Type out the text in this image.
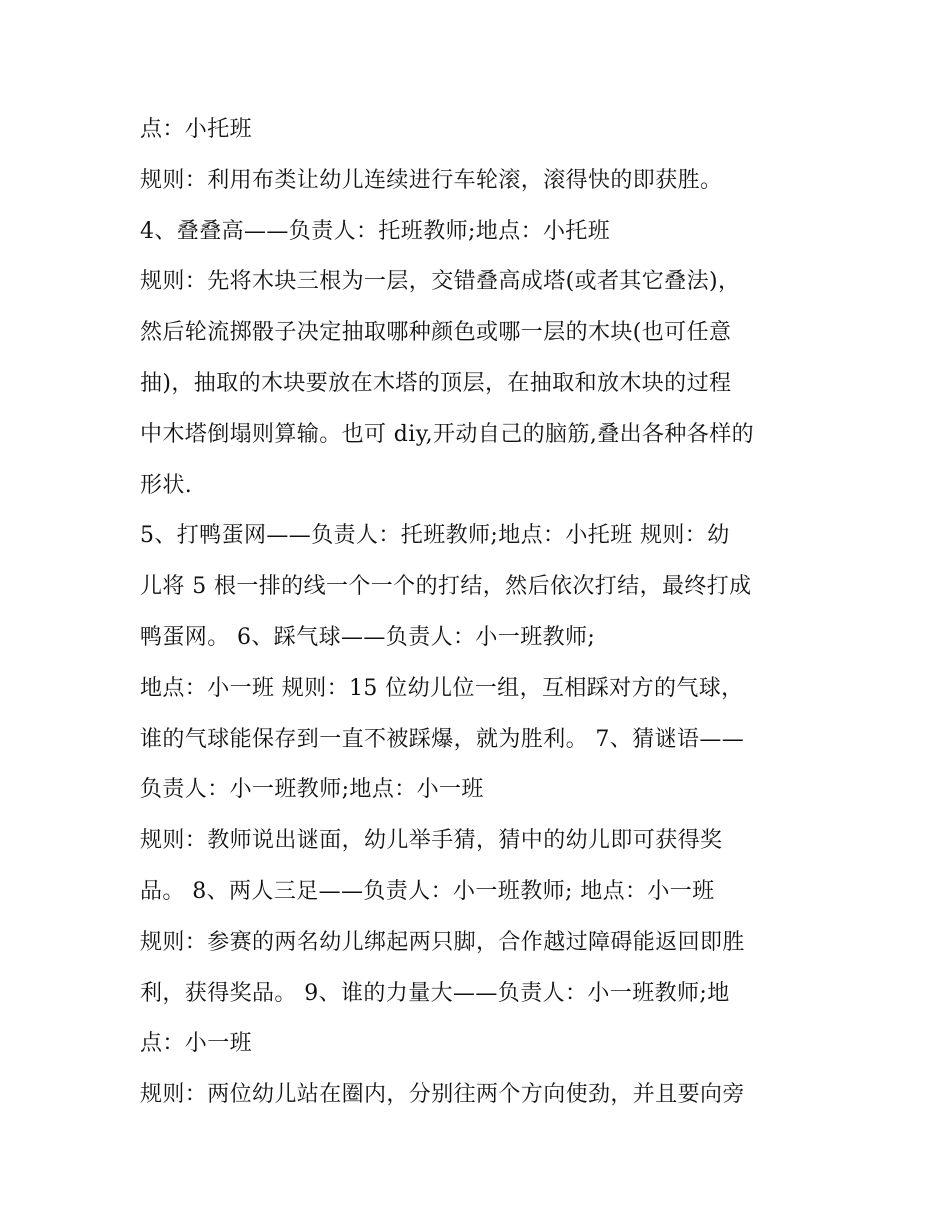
点：小托班
规则：利用布类让幼儿连续进行车轮滚，滚得快的即获胜。
4、叠叠高——负责人：托班教师;地点：小托班
规则：先将木块三根为一层，交错叠高成塔(或者其它叠法)，
然后轮流掷骰子决定抽取哪种颜色或哪一层的木块(也可任意
抽)，抽取的木块要放在木塔的顶层，在抽取和放木块的过程
中木塔倒塌则算输。也可 diy,开动自己的脑筋,叠出各种各样的
形状.
5、打鸭蛋网——负责人：托班教师;地点：小托班 规则：幼
儿将 5 根一排的线一个一个的打结，然后依次打结，最终打成
鸭蛋网。 6、踩气球——负责人：小一班教师;
地点：小一班 规则：15 位幼儿位一组，互相踩对方的气球，
谁的气球能保存到一直不被踩爆，就为胜利。 7、猜谜语——
负责人：小一班教师;地点：小一班
规则：教师说出谜面，幼儿举手猜，猜中的幼儿即可获得奖
品。 8、两人三足——负责人：小一班教师; 地点：小一班
规则：参赛的两名幼儿绑起两只脚，合作越过障碍能返回即胜
利，获得奖品。 9、谁的力量大——负责人：小一班教师;地
点：小一班
规则：两位幼儿站在圈内，分别往两个方向使劲，并且要向旁
